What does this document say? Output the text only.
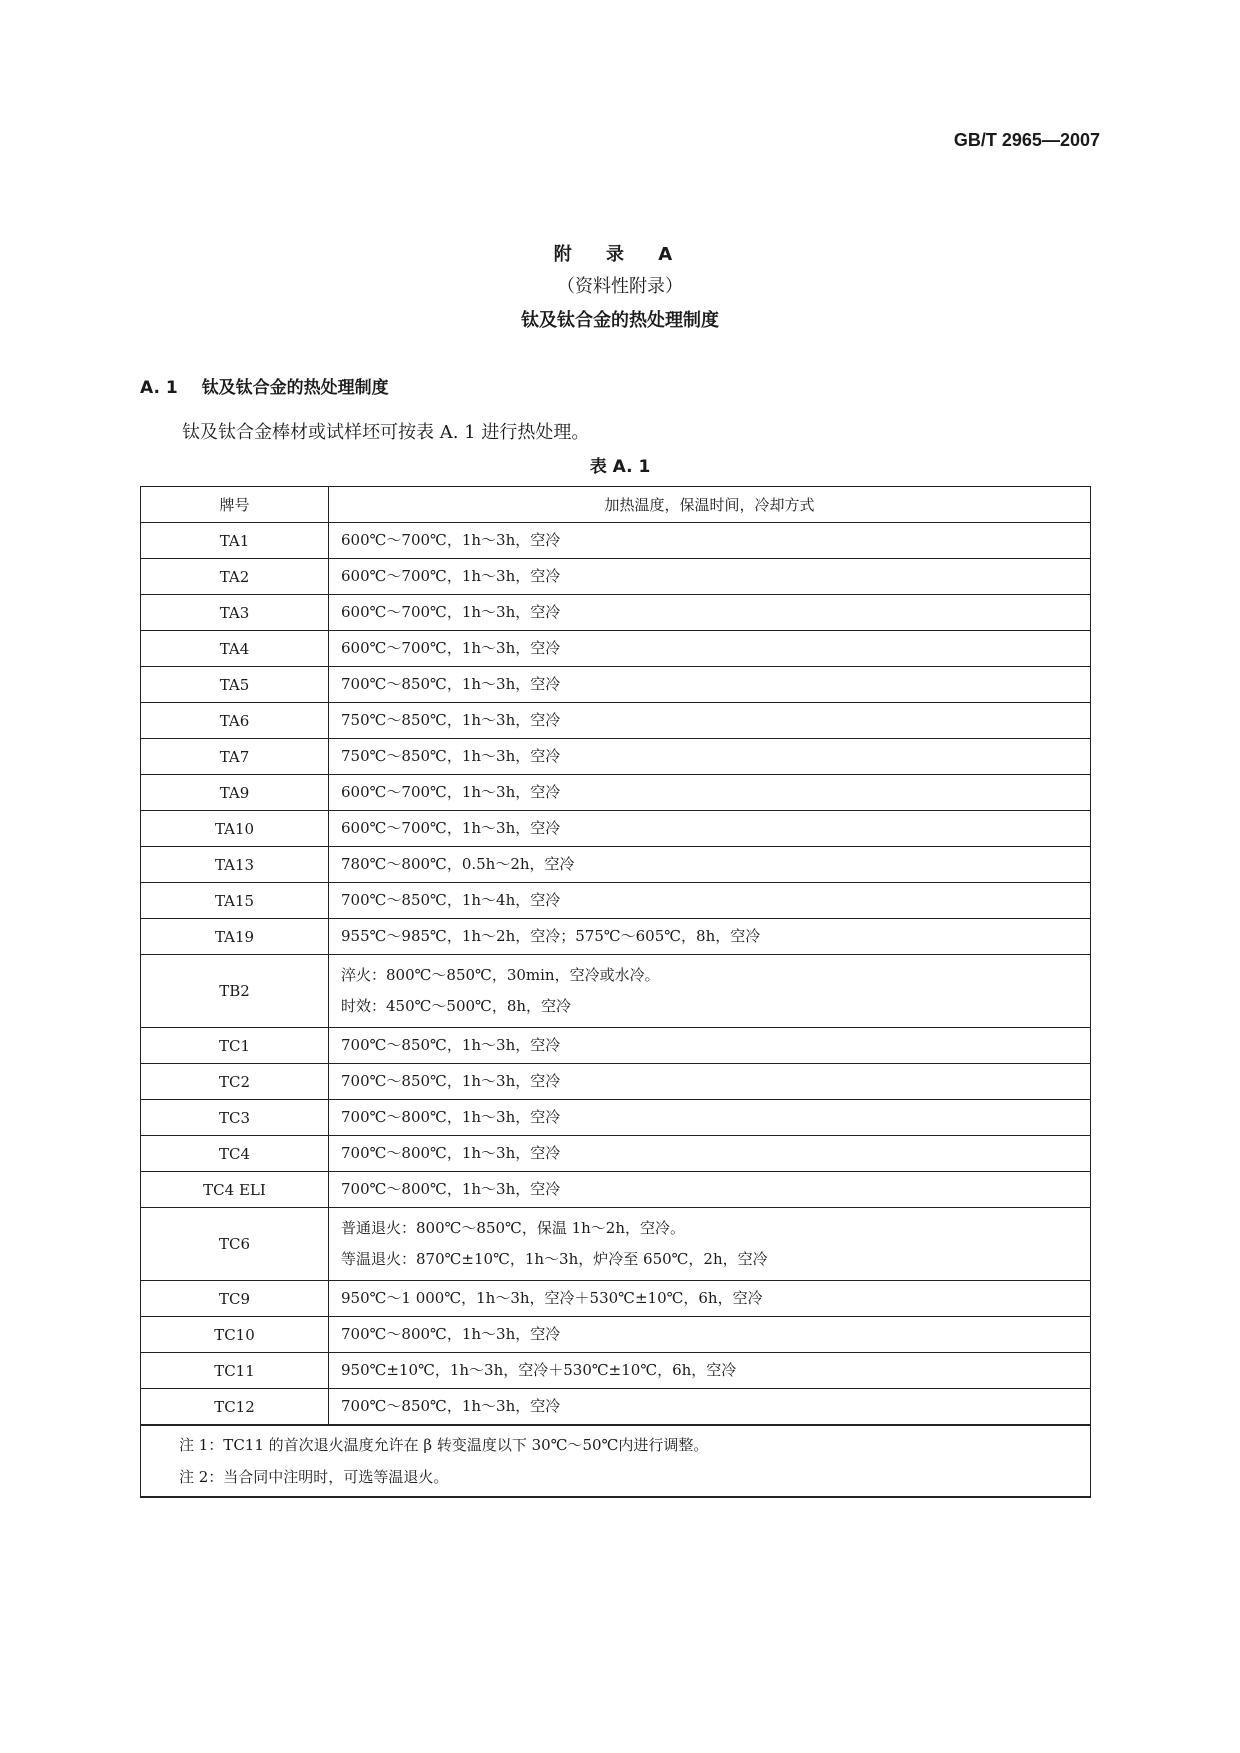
GB/T 2965—2007
附 录 A
（资料性附录）
钛及钛合金的热处理制度
A. 1 钛及钛合金的热处理制度
钛及钛合金棒材或试样坯可按表 A. 1 进行热处理。
表 A. 1
牌号	加热温度，保温时间，冷却方式
TA1	600℃～700℃，1h～3h，空冷

TA2	600℃～700℃，1h～3h，空冷

TA3	600℃～700℃，1h～3h，空冷

TA4	600℃～700℃，1h～3h，空冷

TA5	700℃～850℃，1h～3h，空冷

TA6	750℃～850℃，1h～3h，空冷

TA7	750℃～850℃，1h～3h，空冷

TA9	600℃～700℃，1h～3h，空冷

TA10	600℃～700℃，1h～3h，空冷

TA13	780℃～800℃，0.5h～2h，空冷

TA15	700℃～850℃，1h～4h，空冷

TA19	955℃～985℃，1h～2h，空冷；575℃～605℃，8h，空冷

TB2	淬火：800℃～850℃，30min，空冷或水冷。
时效：450℃～500℃，8h，空冷

TC1	700℃～850℃，1h～3h，空冷

TC2	700℃～850℃，1h～3h，空冷

TC3	700℃～800℃，1h～3h，空冷

TC4	700℃～800℃，1h～3h，空冷

TC4 ELI	700℃～800℃，1h～3h，空冷

TC6	普通退火：800℃～850℃，保温 1h～2h，空冷。
等温退火：870℃±10℃，1h～3h，炉冷至 650℃，2h，空冷

TC9	950℃～1 000℃，1h～3h，空冷＋530℃±10℃，6h，空冷

TC10	700℃～800℃，1h～3h，空冷

TC11	950℃±10℃，1h～3h，空冷＋530℃±10℃，6h，空冷

TC12	700℃～850℃，1h～3h，空冷

注 1：TC11 的首次退火温度允许在 β 转变温度以下 30℃～50℃内进行调整。
注 2：当合同中注明时，可选等温退火。	
